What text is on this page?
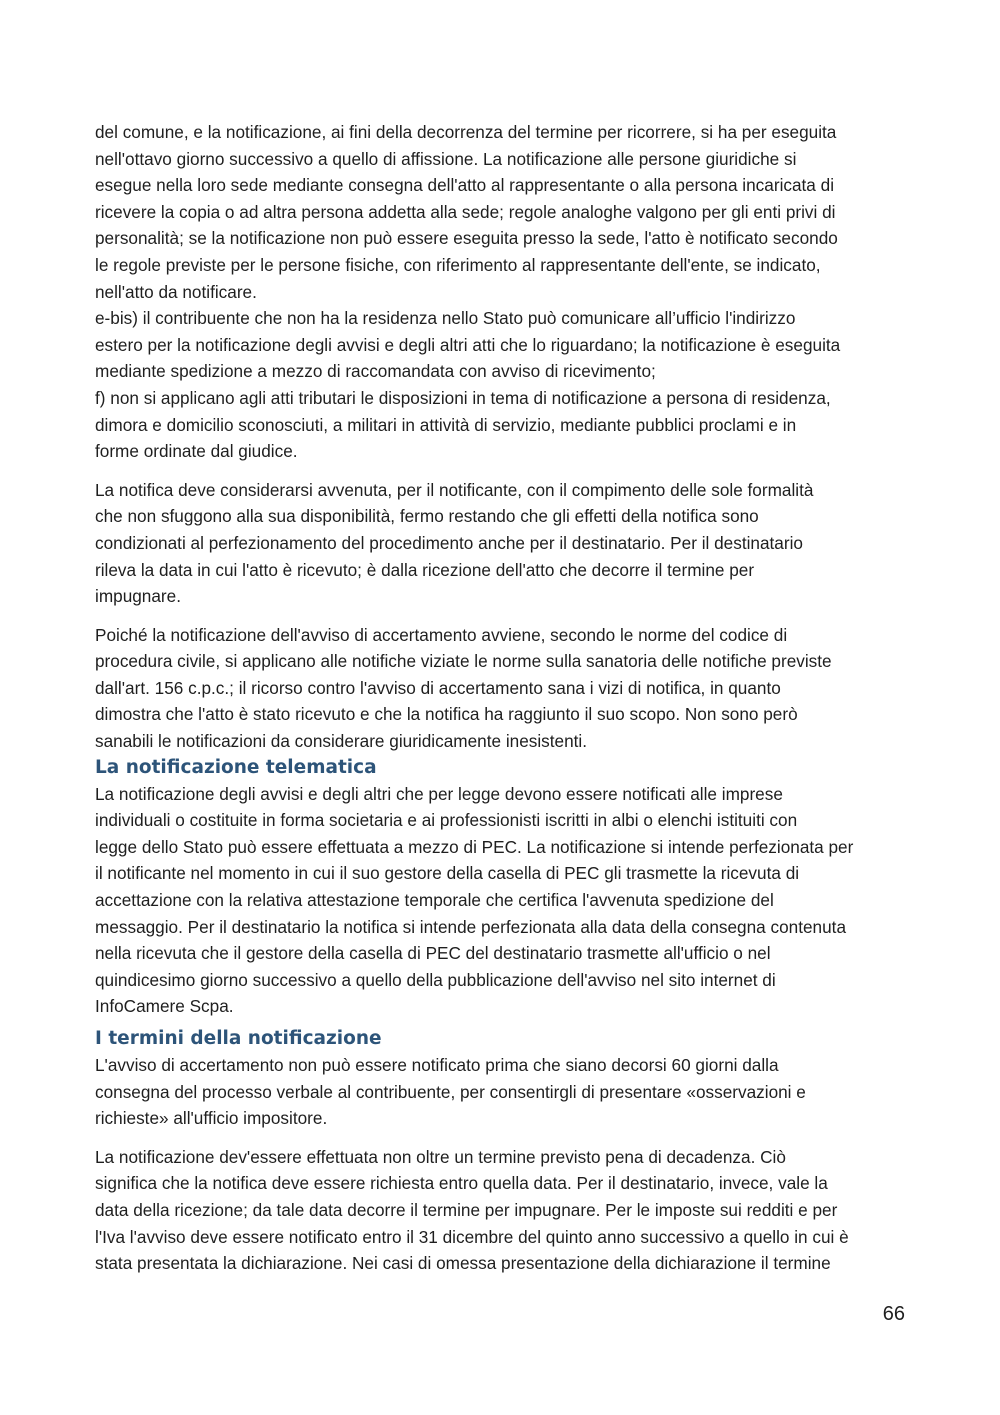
del comune, e la notificazione, ai fini della decorrenza del termine per ricorrere, si ha per eseguita
nell'ottavo giorno successivo a quello di affissione. La notificazione alle persone giuridiche si
esegue nella loro sede mediante consegna dell'atto al rappresentante o alla persona incaricata di
ricevere la copia o ad altra persona addetta alla sede; regole analoghe valgono per gli enti privi di
personalità; se la notificazione non può essere eseguita presso la sede, l'atto è notificato secondo
le regole previste per le persone fisiche, con riferimento al rappresentante dell'ente, se indicato,
nell'atto da notificare.
e-bis) il contribuente che non ha la residenza nello Stato può comunicare all’ufficio l'indirizzo
estero per la notificazione degli avvisi e degli altri atti che lo riguardano; la notificazione è eseguita
mediante spedizione a mezzo di raccomandata con avviso di ricevimento;
f) non si applicano agli atti tributari le disposizioni in tema di notificazione a persona di residenza,
dimora e domicilio sconosciuti, a militari in attività di servizio, mediante pubblici proclami e in
forme ordinate dal giudice.
La notifica deve considerarsi avvenuta, per il notificante, con il compimento delle sole formalità
che non sfuggono alla sua disponibilità, fermo restando che gli effetti della notifica sono
condizionati al perfezionamento del procedimento anche per il destinatario. Per il destinatario
rileva la data in cui l'atto è ricevuto; è dalla ricezione dell'atto che decorre il termine per
impugnare.
Poiché la notificazione dell'avviso di accertamento avviene, secondo le norme del codice di
procedura civile, si applicano alle notifiche viziate le norme sulla sanatoria delle notifiche previste
dall'art. 156 c.p.c.; il ricorso contro l'avviso di accertamento sana i vizi di notifica, in quanto
dimostra che l'atto è stato ricevuto e che la notifica ha raggiunto il suo scopo. Non sono però
sanabili le notificazioni da considerare giuridicamente inesistenti.
La notificazione telematica
La notificazione degli avvisi e degli altri che per legge devono essere notificati alle imprese
individuali o costituite in forma societaria e ai professionisti iscritti in albi o elenchi istituiti con
legge dello Stato può essere effettuata a mezzo di PEC. La notificazione si intende perfezionata per
il notificante nel momento in cui il suo gestore della casella di PEC gli trasmette la ricevuta di
accettazione con la relativa attestazione temporale che certifica l'avvenuta spedizione del
messaggio. Per il destinatario la notifica si intende perfezionata alla data della consegna contenuta
nella ricevuta che il gestore della casella di PEC del destinatario trasmette all'ufficio o nel
quindicesimo giorno successivo a quello della pubblicazione dell'avviso nel sito internet di
InfoCamere Scpa.
I termini della notificazione
L'avviso di accertamento non può essere notificato prima che siano decorsi 60 giorni dalla
consegna del processo verbale al contribuente, per consentirgli di presentare «osservazioni e
richieste» all'ufficio impositore.
La notificazione dev'essere effettuata non oltre un termine previsto pena di decadenza. Ciò
significa che la notifica deve essere richiesta entro quella data. Per il destinatario, invece, vale la
data della ricezione; da tale data decorre il termine per impugnare. Per le imposte sui redditi e per
l'Iva l'avviso deve essere notificato entro il 31 dicembre del quinto anno successivo a quello in cui è
stata presentata la dichiarazione. Nei casi di omessa presentazione della dichiarazione il termine
66
